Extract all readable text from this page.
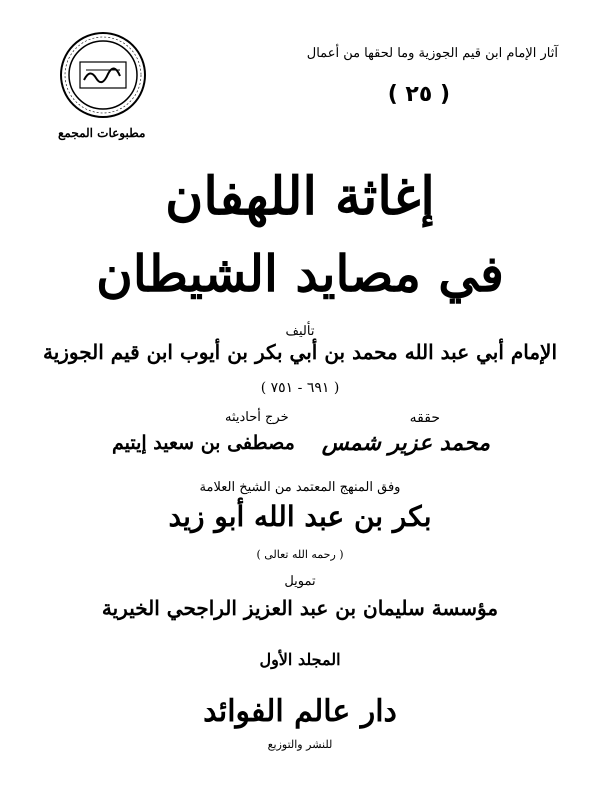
مطبوعات المجمع
آثار الإمام ابن قيم الجوزية وما لحقها من أعمال
( ٢٥ )
إغاثة اللهفان
في مصايد الشيطان
تأليف
الإمام أبي عبد الله محمد بن أبي بكر بن أيوب ابن قيم الجوزية
( ٦٩١ - ٧٥١ )
حققه
محمد عزير شمس
خرج أحاديثه
مصطفى بن سعيد إيتيم
وفق المنهج المعتمد من الشيخ العلامة
بكر بن عبد الله أبو زيد
( رحمه الله تعالى )
تمويل
مؤسسة سليمان بن عبد العزيز الراجحي الخيرية
المجلد الأول
دار عالم الفوائد
للنشر والتوزيع
